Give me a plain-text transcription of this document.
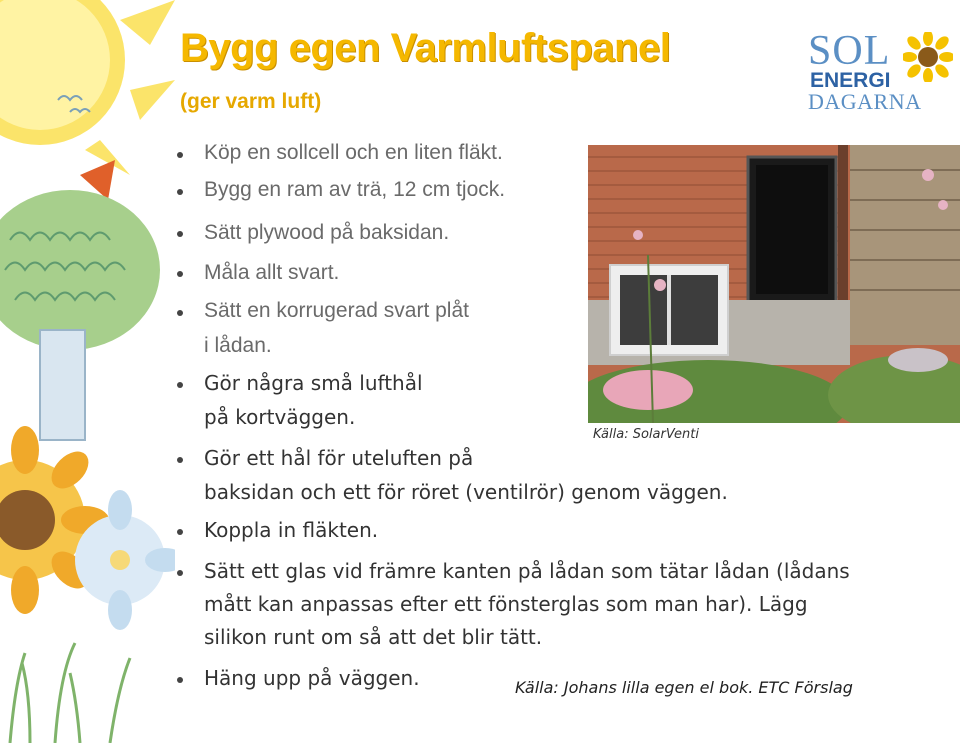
Bygg egen Varmluftspanel
(ger varm luft)
SOL
ENERGI
DAGARNA
Källa: SolarVenti
Köp en sollcell och en liten fläkt.
Bygg en ram av trä, 12 cm tjock.
Sätt plywood på baksidan.
Måla allt svart.
Sätt en korrugerad svart plåt
i lådan.
Gör några små lufthål
på kortväggen.
Gör ett hål för uteluften på
baksidan och ett för röret (ventilrör) genom väggen.
Koppla in fläkten.
Sätt ett glas vid främre kanten på lådan som tätar lådan (lådans
mått kan anpassas efter ett fönsterglas som man har). Lägg
silikon runt om så att det blir tätt.
Häng upp på väggen.	Källa: Johans lilla egen el bok. ETC Förslag
